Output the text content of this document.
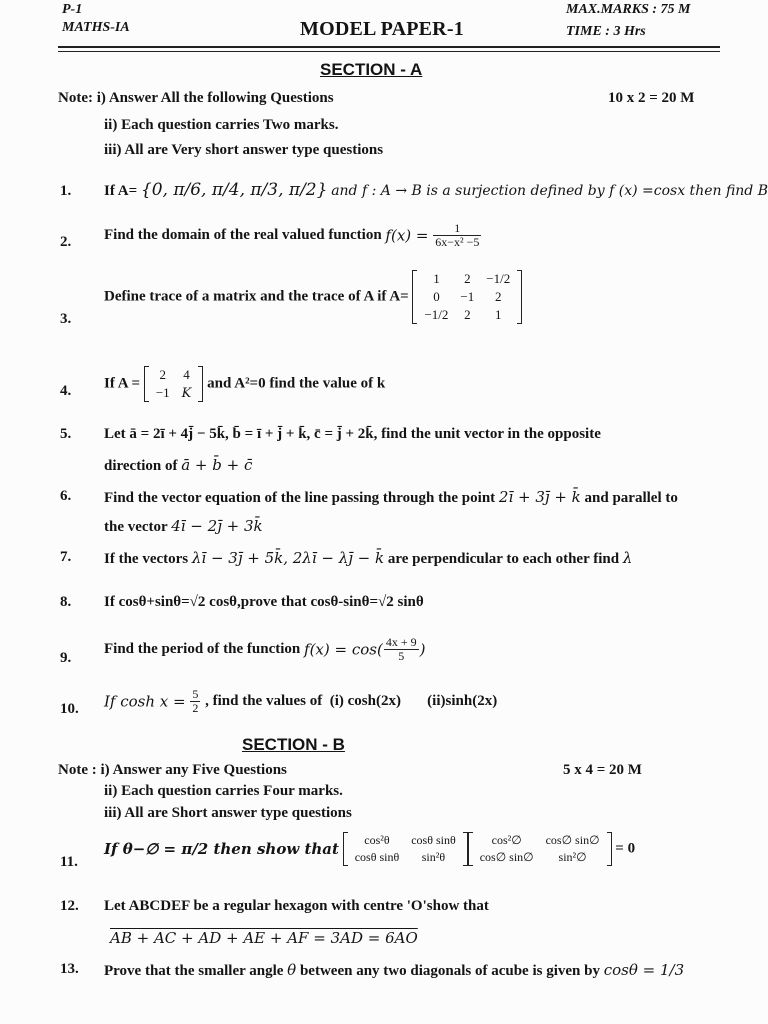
P-1
MATHS-IA	MODEL PAPER-1
MAX.MARKS : 75 M
TIME : 3 Hrs
SECTION - A
Note: i) Answer All the following Questions	10 x 2 = 20 M
ii) Each question carries Two marks.
iii) All are Very short answer type questions
1. If A= {0, π/6, π/4, π/3, π/2} and f : A → B is a surjection defined by f (x) =cosx then find B
2. Find the domain of the real valued function $f(x) = \frac{1}{\text{6x−x² −5}}$
3.
Define trace of a matrix and the trace of A if A=
1	2	−1/2
0	−1	2
−1/2	2	1
4. If A =
2	4
−1	K
and A²=0 find the value of k
5. Let ā = 2ī + 4j̄ − 5k̄, b̄ = ī + j̄ + k̄, c̄ = j̄ + 2k̄, find the unit vector in the opposite
direction of ā + b̄ + c̄
6. Find the vector equation of the line passing through the point 2ī + 3j̄ + k̄ and parallel to
the vector 4ī − 2j̄ + 3k̄
7. If the vectors λī − 3j̄ + 5k̄, 2λī − λj̄ − k̄ are perpendicular to each other find λ
8. If cosθ+sinθ=√2 cosθ,prove that cosθ-sinθ=√2 sinθ
9.
Find the period of the function $f(x) = \cos( \frac{4x + 9}{5}$ )
10. If $\cosh x = \frac{5}{2}$ , find the values of  (i) cosh(2x)       (ii)sinh(2x)
SECTION - B
Note : i) Answer any Five Questions	5 x 4 = 20 M
ii) Each question carries Four marks.
iii) All are Short answer type questions
11.
If θ−∅ = π/2 then show that cos²θ	cosθ sinθ
cosθ sinθ	sin²θ
cos²∅	cos∅ sin∅
cos∅ sin∅	sin²∅
= 0
12. Let ABCDEF be a regular hexagon with centre 'O'show that
AB + AC + AD + AE + AF = 3AD = 6AO
13. Prove that the smaller angle θ between any two diagonals of acube is given by cosθ = 1/3
